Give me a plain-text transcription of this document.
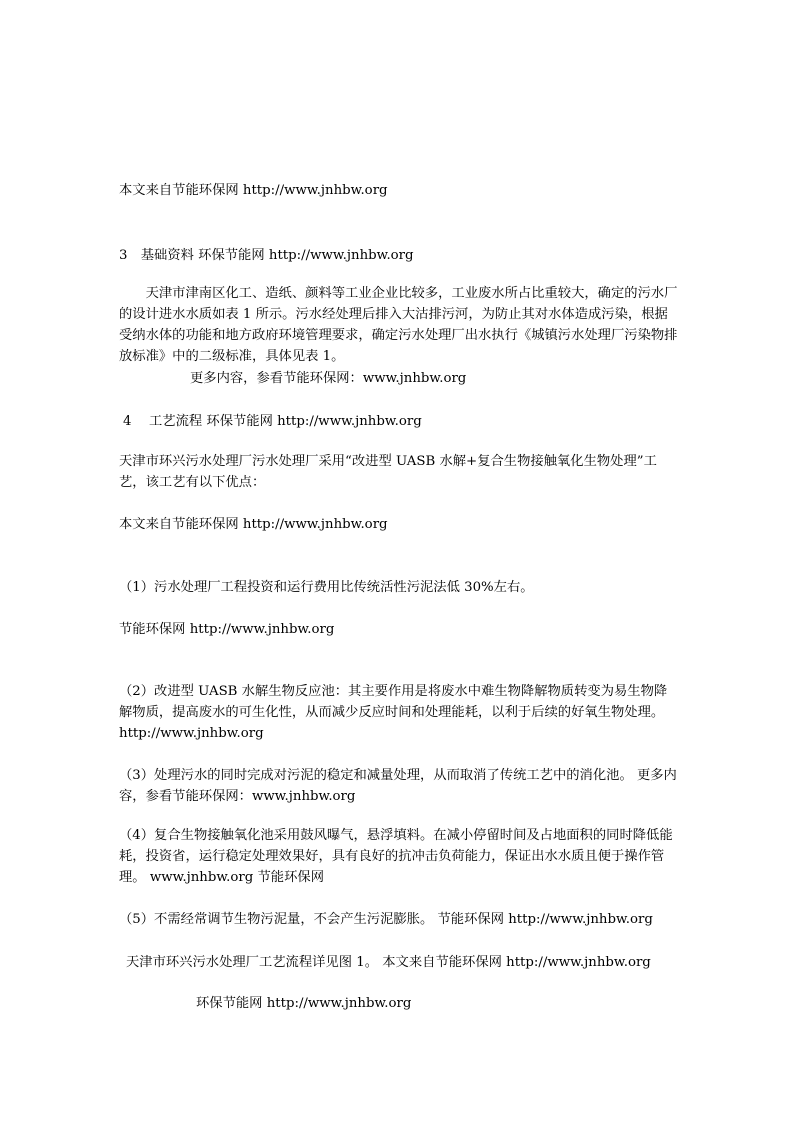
本文来自节能环保网 http://www.jnhbw.org

3　基础资料 环保节能网 http://www.jnhbw.org

天津市津南区化工、造纸、颜料等工业企业比较多，工业废水所占比重较大，确定的污水厂的设计进水水质如表 1 所示。污水经处理后排入大沽排污河，为防止其对水体造成污染，根据受纳水体的功能和地方政府环境管理要求，确定污水处理厂出水执行《城镇污水处理厂污染物排放标准》中的二级标准，具体见表 1。

更多内容，参看节能环保网：www.jnhbw.org

4　 工艺流程 环保节能网 http://www.jnhbw.org

天津市环兴污水处理厂污水处理厂采用“改进型 UASB 水解+复合生物接触氧化生物处理”工艺，该工艺有以下优点：

本文来自节能环保网 http://www.jnhbw.org

（1）污水处理厂工程投资和运行费用比传统活性污泥法低 30%左右。

节能环保网 http://www.jnhbw.org

（2）改进型 UASB 水解生物反应池：其主要作用是将废水中难生物降解物质转变为易生物降解物质，提高废水的可生化性，从而减少反应时间和处理能耗，以利于后续的好氧生物处理。 http://www.jnhbw.org

（3）处理污水的同时完成对污泥的稳定和减量处理，从而取消了传统工艺中的消化池。 更多内容，参看节能环保网：www.jnhbw.org

（4）复合生物接触氧化池采用鼓风曝气，悬浮填料。在减小停留时间及占地面积的同时降低能耗，投资省，运行稳定处理效果好，具有良好的抗冲击负荷能力，保证出水水质且便于操作管理。 www.jnhbw.org 节能环保网

（5）不需经常调节生物污泥量，不会产生污泥膨胀。 节能环保网 http://www.jnhbw.org

天津市环兴污水处理厂工艺流程详见图 1。 本文来自节能环保网 http://www.jnhbw.org

环保节能网 http://www.jnhbw.org
